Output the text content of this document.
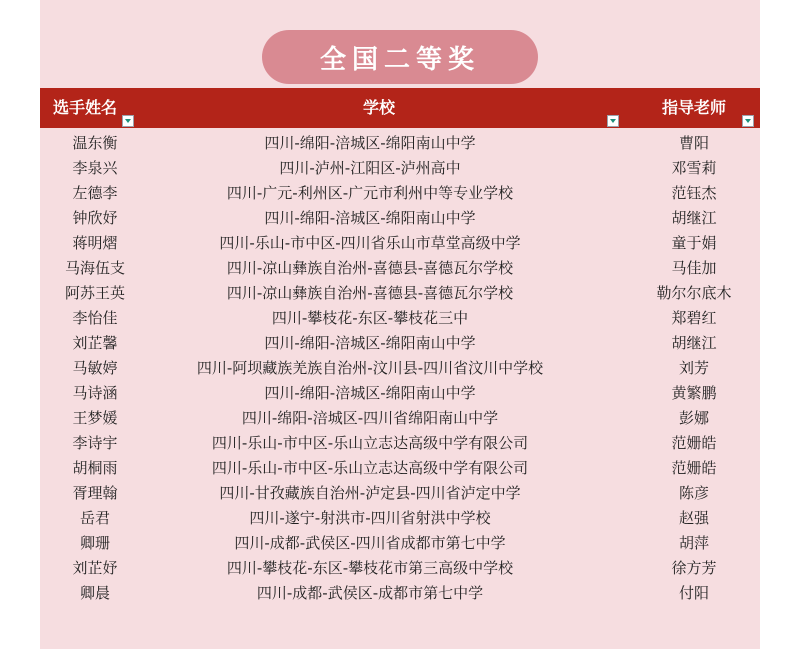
全国二等奖
选手姓名	学校	指导老师
温东衡	四川-绵阳-涪城区-绵阳南山中学	曹阳
李泉兴	四川-泸州-江阳区-泸州高中	邓雪莉
左德李	四川-广元-利州区-广元市利州中等专业学校	范钰杰
钟欣妤	四川-绵阳-涪城区-绵阳南山中学	胡继江
蒋明熠	四川-乐山-市中区-四川省乐山市草堂高级中学	童于娟
马海伍支	四川-凉山彝族自治州-喜德县-喜德瓦尔学校	马佳加
阿苏王英	四川-凉山彝族自治州-喜德县-喜德瓦尔学校	勒尔尔底木
李怡佳	四川-攀枝花-东区-攀枝花三中	郑碧红
刘芷馨	四川-绵阳-涪城区-绵阳南山中学	胡继江
马敏婷	四川-阿坝藏族羌族自治州-汶川县-四川省汶川中学校	刘芳
马诗涵	四川-绵阳-涪城区-绵阳南山中学	黄繁鹏
王梦媛	四川-绵阳-涪城区-四川省绵阳南山中学	彭娜
李诗宇	四川-乐山-市中区-乐山立志达高级中学有限公司	范姗皓
胡桐雨	四川-乐山-市中区-乐山立志达高级中学有限公司	范姗皓
胥理翰	四川-甘孜藏族自治州-泸定县-四川省泸定中学	陈彦
岳君	四川-遂宁-射洪市-四川省射洪中学校	赵强
卿珊	四川-成都-武侯区-四川省成都市第七中学	胡萍
刘芷妤	四川-攀枝花-东区-攀枝花市第三高级中学校	徐方芳
卿晨	四川-成都-武侯区-成都市第七中学	付阳
